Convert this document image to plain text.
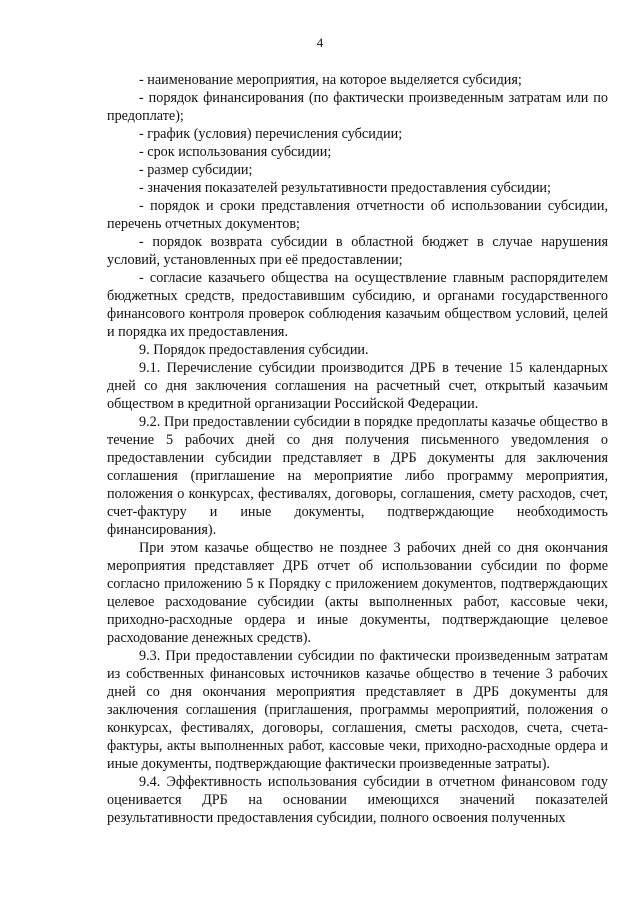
4

- наименование мероприятия, на которое выделяется субсидия;

- порядок финансирования (по фактически произведенным затратам или по предоплате);

- график (условия) перечисления субсидии;

- срок использования субсидии;

- размер субсидии;

- значения показателей результативности предоставления субсидии;

- порядок и сроки представления отчетности об использовании субсидии, перечень отчетных документов;

- порядок возврата субсидии в областной бюджет в случае нарушения условий, установленных при её предоставлении;

- согласие казачьего общества на осуществление главным распорядителем бюджетных средств, предоставившим субсидию, и органами государственного финансового контроля проверок соблюдения казачьим обществом условий, целей и порядка их предоставления.

9. Порядок предоставления субсидии.

9.1. Перечисление субсидии производится ДРБ в течение 15 календарных дней со дня заключения соглашения на расчетный счет, открытый казачьим обществом в кредитной организации Российской Федерации.

9.2. При предоставлении субсидии в порядке предоплаты казачье общество в течение 5 рабочих дней со дня получения письменного уведомления о предоставлении субсидии представляет в ДРБ документы для заключения соглашения (приглашение на мероприятие либо программу мероприятия, положения о конкурсах, фестивалях, договоры, соглашения, смету расходов, счет, счет-фактуру и иные документы, подтверждающие необходимость финансирования).

При этом казачье общество не позднее 3 рабочих дней со дня окончания мероприятия представляет ДРБ отчет об использовании субсидии по форме согласно приложению 5 к Порядку с приложением документов, подтверждающих целевое расходование субсидии (акты выполненных работ, кассовые чеки, приходно-расходные ордера и иные документы, подтверждающие целевое расходование денежных средств).

9.3. При предоставлении субсидии по фактически произведенным затратам из собственных финансовых источников казачье общество в течение 3 рабочих дней со дня окончания мероприятия представляет в ДРБ документы для заключения соглашения (приглашения, программы мероприятий, положения о конкурсах, фестивалях, договоры, соглашения, сметы расходов, счета, счета-фактуры, акты выполненных работ, кассовые чеки, приходно-расходные ордера и иные документы, подтверждающие фактически произведенные затраты).

9.4. Эффективность использования субсидии в отчетном финансовом году оценивается ДРБ на основании имеющихся значений показателей результативности предоставления субсидии, полного освоения полученных
